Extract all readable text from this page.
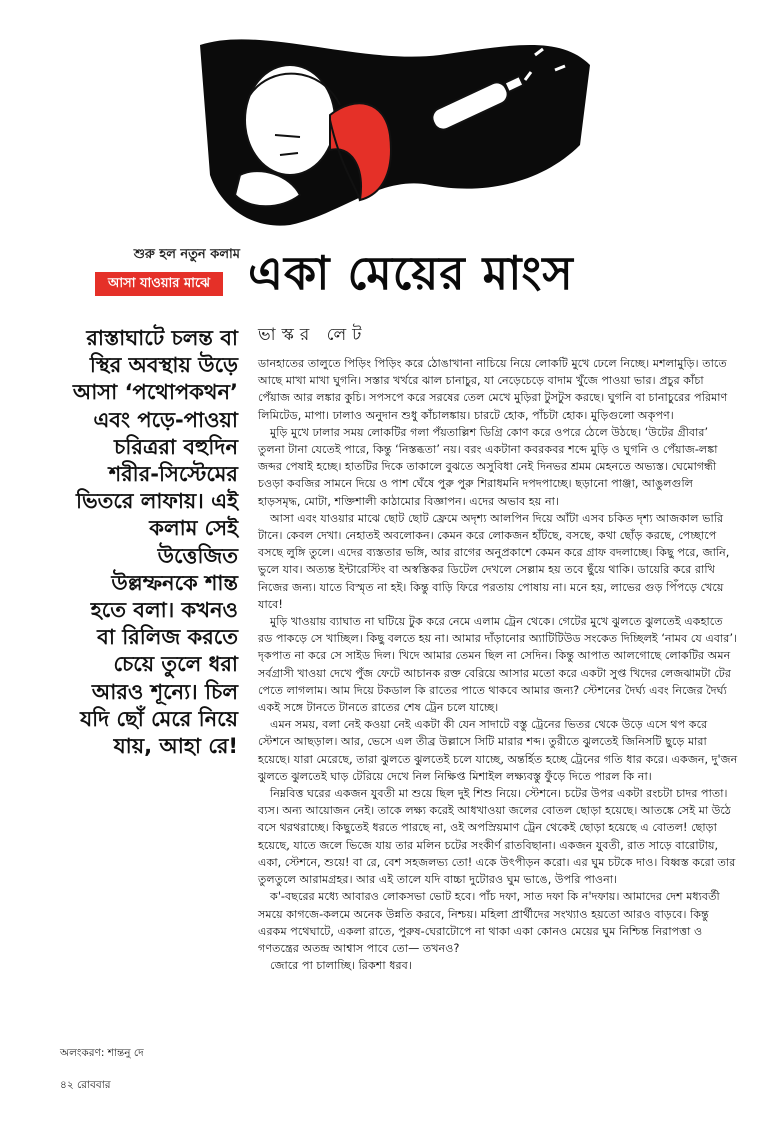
শুরু হল নতুন কলাম
আসা যাওয়ার মাঝে একা মেয়ের মাংস
রাস্তাঘাটে চলন্ত বা
স্থির অবস্থায় উড়ে
আসা ‘পথোপকথন’
এবং পড়ে-পাওয়া
চরিত্ররা বহুদিন
শরীর-সিস্টেমের
ভিতরে লাফায়। এই
কলাম সেই
উত্তেজিত
উল্লম্ফনকে শান্ত
হতে বলা। কখনও
বা রিলিজ করতে
চেয়ে তুলে ধরা
আরও শূন্যে। চিল
যদি ছোঁ মেরে নিয়ে
যায়, আহা রে!
ভাস্কর লেট

ডানহাতের তালুতে পিড়িং পিড়িং করে ঠোঙাখানা নাচিয়ে নিয়ে লোকটি মুখে ঢেলে নিচ্ছে। মশলামুড়ি। তাতে আছে মাখা মাখা ঘুগনি। সস্তার খর্খরে ঝাল চানাচুর, যা নেড়েচেড়ে বাদাম খুঁজে পাওয়া ভার। প্রচুর কাঁচা পেঁয়াজ আর লঙ্কার কুচি। সপসপে করে সরষের তেল মেখে মুড়িরা টুসটুস করছে। ঘুগনি বা চানাচুরের পরিমাণ লিমিটেড, মাপা। ঢালাও অনুদান শুধু কাঁচালঙ্কায়। চারটে হোক, পাঁচটা হোক। মুড়িগুলো অকৃপণ।

মুড়ি মুখে ঢালার সময় লোকটির গলা পঁয়তাল্লিশ ডিগ্রি কোণ করে ওপরে ঠেলে উঠছে। ‘উটের গ্রীবার’ তুলনা টানা যেতেই পারে, কিন্তু ‘নিস্তব্ধতা’ নয়। বরং একটানা কবরকবর শব্দে মুড়ি ও ঘুগনি ও পেঁয়াজ-লঙ্কা জব্দর পেষাই হচ্ছে। হাতটির দিকে তাকালে বুঝতে অসুবিধা নেই দিনভর শ্রমম মেহনতে অভ্যস্ত। ঘেমোগন্ধী চওড়া কবজির সামনে দিয়ে ও পাশ ঘেঁষে পুরু পুরু শিরাধমনি দপদপাচ্ছে। ছড়ানো পাঞ্জা, আঙুলগুলি হাড়সমৃদ্ধ, মোটা, শক্তিশালী কাঠামোর বিজ্ঞাপন। এদের অভাব হয় না।

আসা এবং যাওয়ার মাঝে ছোট ছোট ফ্রেমে অদৃশ্য আলপিন দিয়ে আঁটা এসব চকিত দৃশ্য আজকাল ভারি টানে। কেবল দেখা। নেহাতই অবলোকন। কেমন করে লোকজন হাঁটছে, বসছে, কথা ছোঁড় করছে, পেচ্ছাপে বসছে লুঙ্গি তুলে। এদের ব্যস্ততার ভঙ্গি, আর রাগের অনুপ্রকাশে কেমন করে গ্রাফ বদলাচ্ছে। কিছু পরে, জানি, ভুলে যাব। অত্যন্ত ইন্টারেস্টিং বা অস্বস্তিকর ডিটেল দেখলে সেল্লাম হয় তবে ছুঁয়ে থাকি। ডায়েরি করে রাখি নিজের জন্য। যাতে বিস্মৃত না হই। কিন্তু বাড়ি ফিরে পরতায় পোষায় না। মনে হয়, লাভের গুড় পিঁপড়ে খেয়ে যাবে!

মুড়ি খাওয়ায় ব্যাঘাত না ঘটিয়ে টুক করে নেমে এলাম ট্রেন থেকে। গেটের মুখে ঝুলতে ঝুলতেই একহাতে রড পাকড়ে সে খাচ্ছিল। কিছু বলতে হয় না। আমার দাঁড়ানোর অ্যাটিটিউড সংকেত দিচ্ছিলই ‘নামব যে এবার’। দৃকপাত না করে সে সাইড দিল। খিদে আমার তেমন ছিল না সেদিন। কিন্তু আপাত আলগোছে লোকটির অমন সর্বগ্রাসী খাওয়া দেখে পুঁজ ফেটে আচানক রক্ত বেরিয়ে আসার মতো করে একটা সুপ্ত খিদের লেজঝামটা টের পেতে লাগলাম। আম দিয়ে টকডাল কি রাতের পাতে থাকবে আমার জন্য? স্টেশনের দৈর্ঘ্য এবং নিজের দৈর্ঘ্য একই সঙ্গে টানতে টানতে রাতের শেষ ট্রেন চলে যাচ্ছে।

এমন সময়, বলা নেই কওয়া নেই একটা কী যেন সাদাটে বস্তু ট্রেনের ভিতর থেকে উড়ে এসে থপ করে স্টেশনে আছড়াল। আর, ভেসে এল তীব্র উল্লাসে সিটি মারার শব্দ। তুরীতে ঝুলতেই জিনিসটি ছুড়ে মারা হয়েছে। যারা মেরেছে, তারা ঝুলতে ঝুলতেই চলে যাচ্ছে, অন্তর্হিত হচ্ছে ট্রেনের গতি ধার করে। একজন, দু'জন ঝুলতে ঝুলতেই ঘাড় টেরিয়ে দেখে নিল নিক্ষিপ্ত মিশাইল লক্ষ্যবস্তু ফুঁড়ে দিতে পারল কি না।

নিম্নবিত্ত ঘরের একজন যুবতী মা শুয়ে ছিল দুই শিশু নিয়ে। স্টেশনে। চটের উপর একটা রংচটা চাদর পাতা। ব্যস। অন্য আয়োজন নেই। তাকে লক্ষ্য করেই আধখাওয়া জলের বোতল ছোড়া হয়েছে। আতঙ্কে সেই মা উঠে বসে থরথরাচ্ছে। কিছুতেই ধরতে পারছে না, ওই অপস্রিয়মাণ ট্রেন থেকেই ছোড়া হয়েছে এ বোতল! ছোড়া হয়েছে, যাতে জলে ভিজে যায় তার মলিন চটের সংকীর্ণ রাতবিছানা। একজন যুবতী, রাত সাড়ে বারোটায়, একা, স্টেশনে, শুয়ে! বা রে, বেশ সহজলভ্য তো! একে উৎপীড়ন করো। এর ঘুম চটকে দাও। বিধ্বস্ত করো তার তুলতুলে আরামগ্রহর। আর এই তালে যদি বাচ্চা দুটোরও ঘুম ভাঙে, উপরি পাওনা।

ক'-বছরের মধ্যে আবারও লোকসভা ভোট হবে। পাঁচ দফা, সাত দফা কি ন'দফায়। আমাদের দেশ মধ্যবর্তী সময়ে কাগজে-কলমে অনেক উন্নতি করবে, নিশ্চয়। মহিলা প্রার্থীদের সংখ্যাও হয়তো আরও বাড়বে। কিন্তু এরকম পথেঘাটে, একলা রাতে, পুরুষ-ঘেরাটোপে না থাকা একা কোনও মেয়ের ঘুম নিশ্চিন্ত নিরাপত্তা ও গণতন্ত্রের অতন্দ্র আশ্বাস পাবে তো— তখনও?

জোরে পা চালাচ্ছি। রিকশা ধরব।

অলংকরণ: শান্তনু দে
৪২ রোববার
